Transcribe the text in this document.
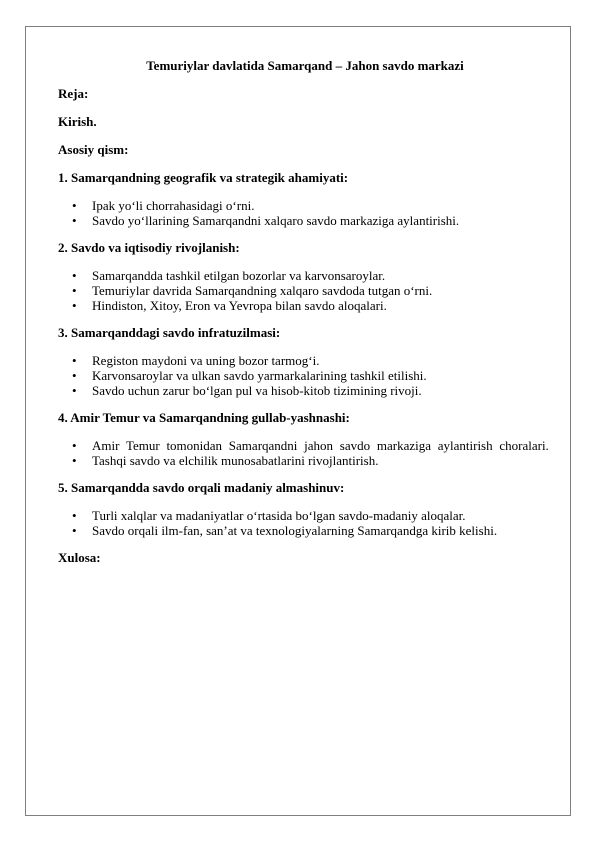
Temuriylar davlatida Samarqand – Jahon savdo markazi
Reja:
Kirish.
Asosiy qism:
1. Samarqandning geografik va strategik ahamiyati:
• Ipak yo‘li chorrahasidagi o‘rni.
• Savdo yo‘llarining Samarqandni xalqaro savdo markaziga aylantirishi.
2. Savdo va iqtisodiy rivojlanish:
• Samarqandda tashkil etilgan bozorlar va karvonsaroylar.
• Temuriylar davrida Samarqandning xalqaro savdoda tutgan o‘rni.
• Hindiston, Xitoy, Eron va Yevropa bilan savdo aloqalari.
3. Samarqanddagi savdo infratuzilmasi:
• Registon maydoni va uning bozor tarmog‘i.
• Karvonsaroylar va ulkan savdo yarmarkalarining tashkil etilishi.
• Savdo uchun zarur bo‘lgan pul va hisob-kitob tizimining rivoji.
4. Amir Temur va Samarqandning gullab-yashnashi:
• Amir Temur tomonidan Samarqandni jahon savdo markaziga aylantirish choralari.
• Tashqi savdo va elchilik munosabatlarini rivojlantirish.
5. Samarqandda savdo orqali madaniy almashinuv:
• Turli xalqlar va madaniyatlar o‘rtasida bo‘lgan savdo-madaniy aloqalar.
• Savdo orqali ilm-fan, san’at va texnologiyalarning Samarqandga kirib kelishi.
Xulosa:
